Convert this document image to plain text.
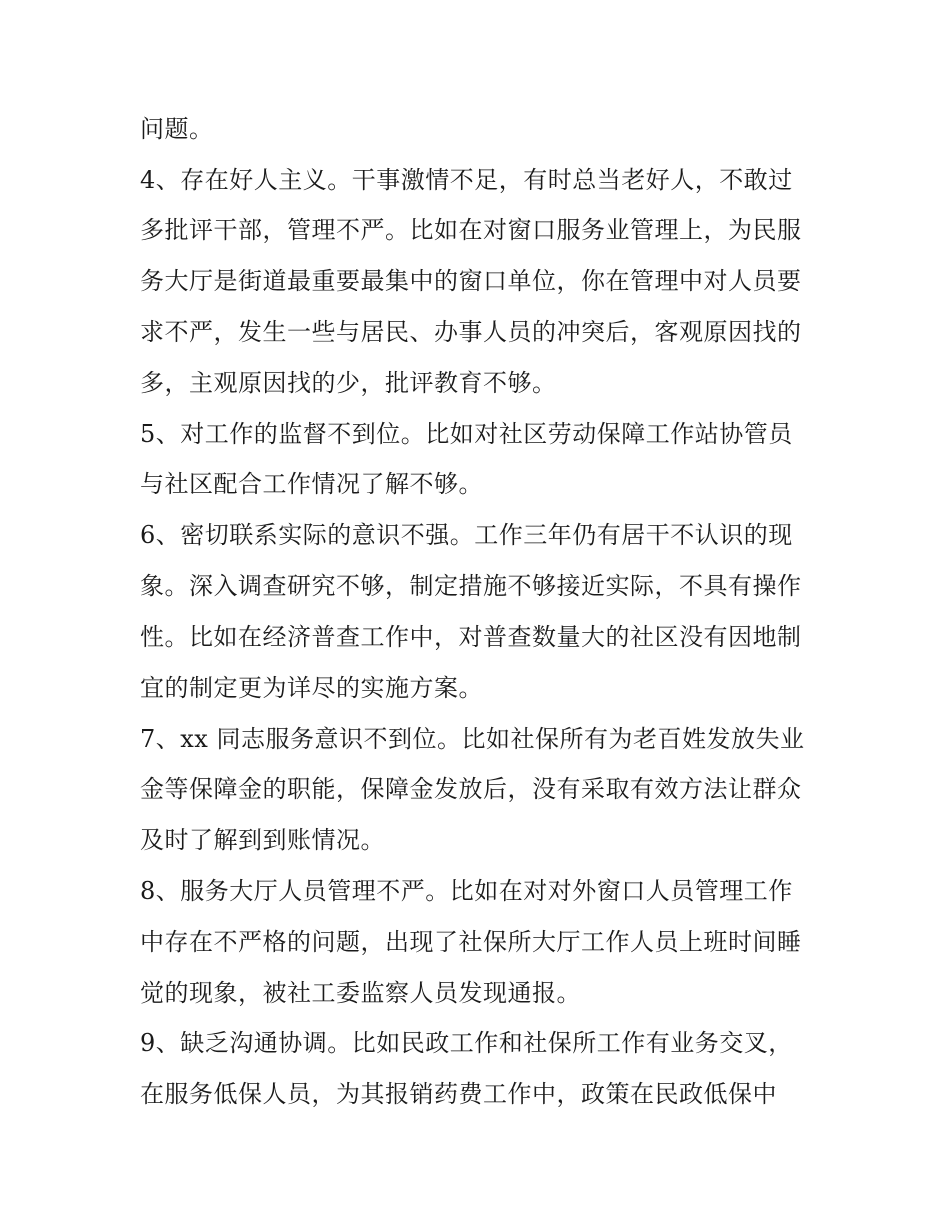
问题。
4、存在好人主义。干事激情不足，有时总当老好人，不敢过
多批评干部，管理不严。比如在对窗口服务业管理上，为民服
务大厅是街道最重要最集中的窗口单位，你在管理中对人员要
求不严，发生一些与居民、办事人员的冲突后，客观原因找的
多，主观原因找的少，批评教育不够。
5、对工作的监督不到位。比如对社区劳动保障工作站协管员
与社区配合工作情况了解不够。
6、密切联系实际的意识不强。工作三年仍有居干不认识的现
象。深入调查研究不够，制定措施不够接近实际，不具有操作
性。比如在经济普查工作中，对普查数量大的社区没有因地制
宜的制定更为详尽的实施方案。
7、xx 同志服务意识不到位。比如社保所有为老百姓发放失业
金等保障金的职能，保障金发放后，没有采取有效方法让群众
及时了解到到账情况。
8、服务大厅人员管理不严。比如在对对外窗口人员管理工作
中存在不严格的问题，出现了社保所大厅工作人员上班时间睡
觉的现象，被社工委监察人员发现通报。
9、缺乏沟通协调。比如民政工作和社保所工作有业务交叉，
在服务低保人员，为其报销药费工作中，政策在民政低保中
